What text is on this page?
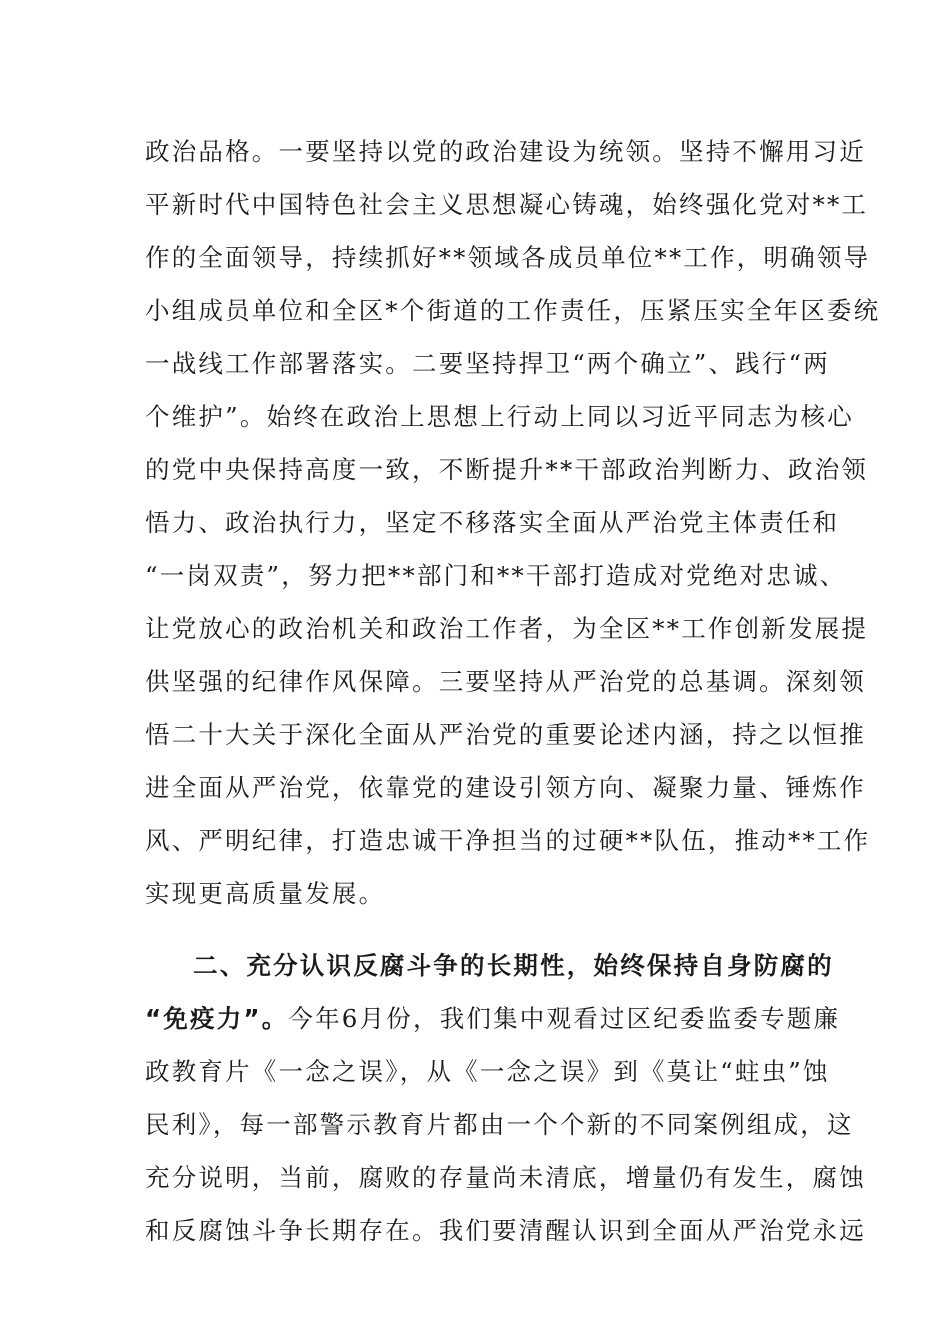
政治品格。一要坚持以党的政治建设为统领。坚持不懈用习近
平新时代中国特色社会主义思想凝心铸魂，始终强化党对**工
作的全面领导，持续抓好**领域各成员单位**工作，明确领导
小组成员单位和全区*个街道的工作责任，压紧压实全年区委统
一战线工作部署落实。二要坚持捍卫“两个确立”、践行“两
个维护”。始终在政治上思想上行动上同以习近平同志为核心
的党中央保持高度一致，不断提升**干部政治判断力、政治领
悟力、政治执行力，坚定不移落实全面从严治党主体责任和
“一岗双责”，努力把**部门和**干部打造成对党绝对忠诚、
让党放心的政治机关和政治工作者，为全区**工作创新发展提
供坚强的纪律作风保障。三要坚持从严治党的总基调。深刻领
悟二十大关于深化全面从严治党的重要论述内涵，持之以恒推
进全面从严治党，依靠党的建设引领方向、凝聚力量、锤炼作
风、严明纪律，打造忠诚干净担当的过硬**队伍，推动**工作
实现更高质量发展。
二、充分认识反腐斗争的长期性，始终保持自身防腐的
“免疫力”。今年6月份，我们集中观看过区纪委监委专题廉
政教育片《一念之误》，从《一念之误》到《莫让“蛀虫”蚀
民利》，每一部警示教育片都由一个个新的不同案例组成，这
充分说明，当前，腐败的存量尚未清底，增量仍有发生，腐蚀
和反腐蚀斗争长期存在。我们要清醒认识到全面从严治党永远
